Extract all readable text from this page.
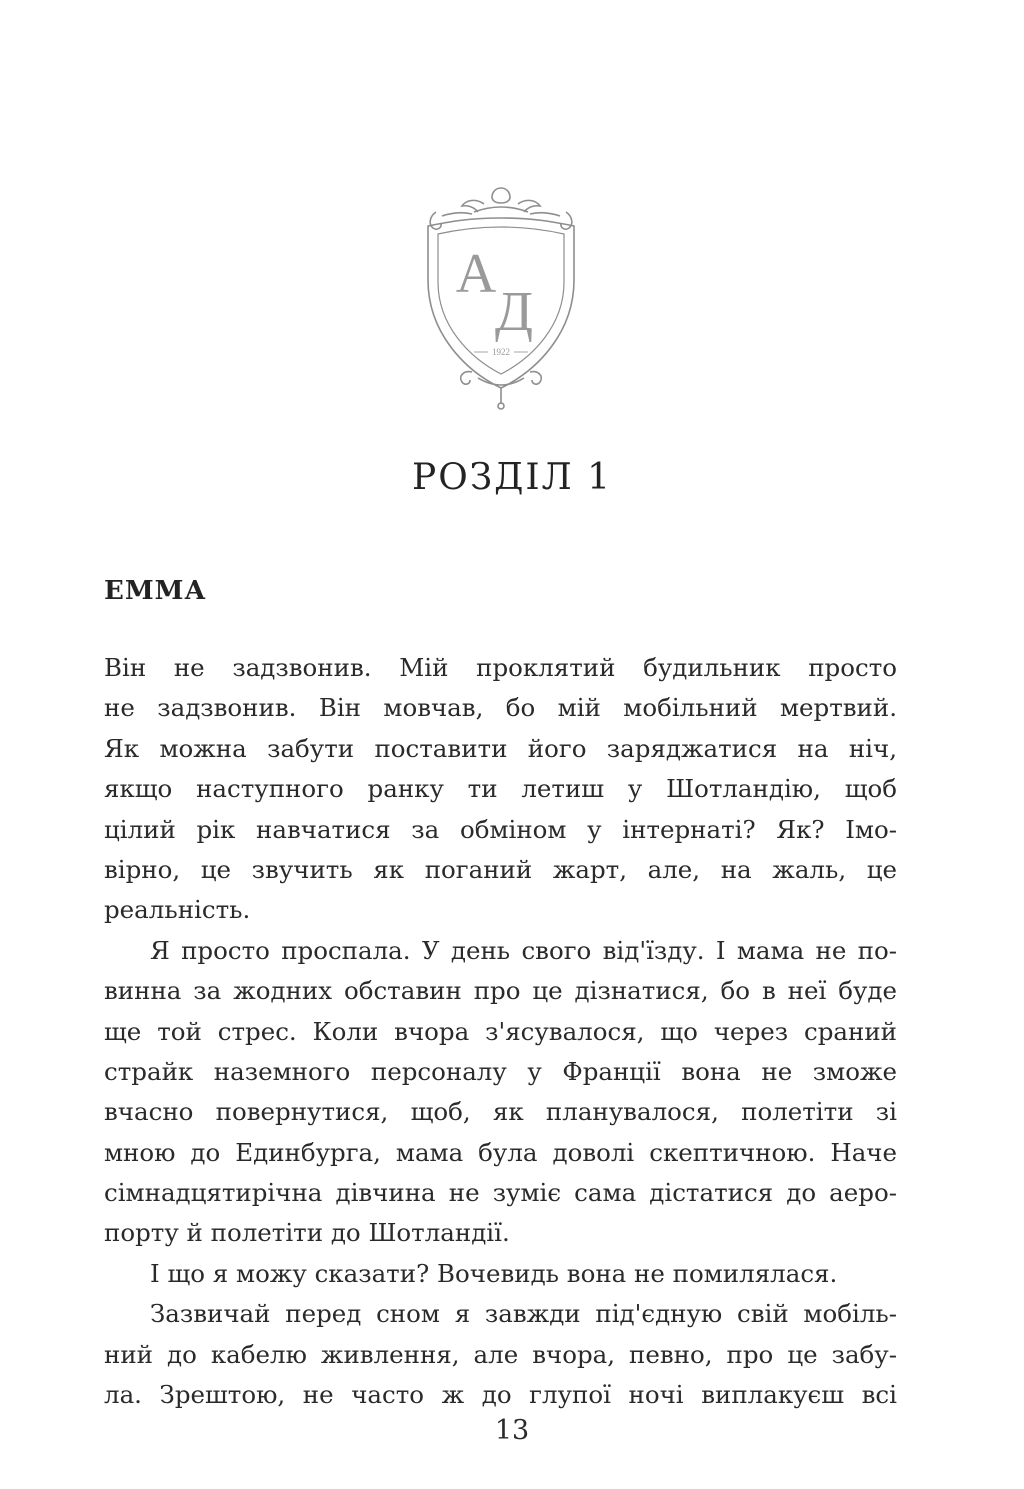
А
Д
1922
РОЗДІЛ 1
ЕММА
Він не задзвонив. Мій проклятий будильник просто
не задзвонив. Він мовчав, бо мій мобільний мертвий.
Як можна забути поставити його заряджатися на ніч,
якщо наступного ранку ти летиш у Шотландію, щоб
цілий рік навчатися за обміном у інтернаті? Як? Імо-
вірно, це звучить як поганий жарт, але, на жаль, це
реальність.
Я просто проспала. У день свого від'їзду. І мама не по-
винна за жодних обставин про це дізнатися, бо в неї буде
ще той стрес. Коли вчора з'ясувалося, що через сраний
страйк наземного персоналу у Франції вона не зможе
вчасно повернутися, щоб, як планувалося, полетіти зі
мною до Единбурга, мама була доволі скептичною. Наче
сімнадцятирічна дівчина не зуміє сама дістатися до аеро-
порту й полетіти до Шотландії.
І що я можу сказати? Вочевидь вона не помилялася.
Зазвичай перед сном я завжди під'єдную свій мобіль-
ний до кабелю живлення, але вчора, певно, про це забу-
ла. Зрештою, не часто ж до глупої ночі виплакуєш всі
13
